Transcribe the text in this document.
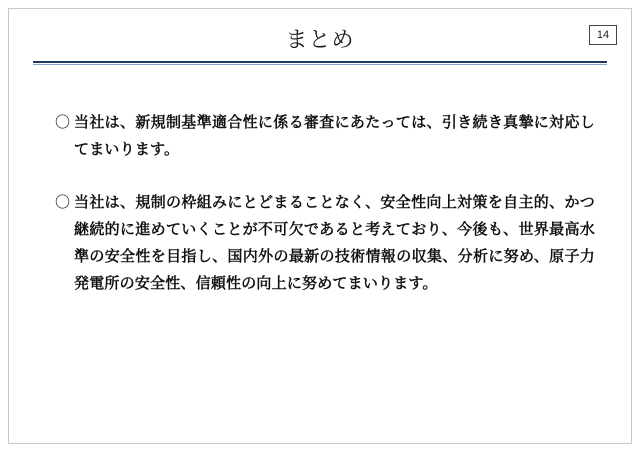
まとめ	14
〇 当社は、新規制基準適合性に係る審査にあたっては、引き続き真摯に対応してまいります。
〇 当社は、規制の枠組みにとどまることなく、安全性向上対策を自主的、かつ継続的に進めていくことが不可欠であると考えており、今後も、世界最高水準の安全性を目指し、国内外の最新の技術情報の収集、分析に努め、原子力発電所の安全性、信頼性の向上に努めてまいります。
